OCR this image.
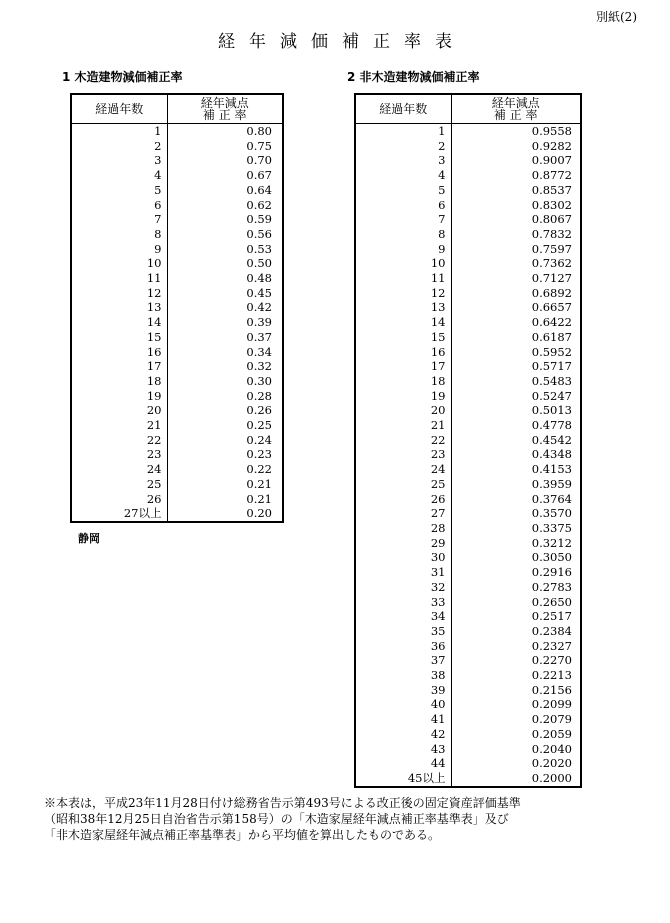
別紙(2)
経年減価補正率表
1 木造建物減価補正率	2 非木造建物減価補正率
経過年数	経年減点
補 正 率

1	0.80
2	0.75
3	0.70
4	0.67
5	0.64
6	0.62
7	0.59
8	0.56
9	0.53
10	0.50
11	0.48
12	0.45
13	0.42
14	0.39
15	0.37
16	0.34
17	0.32
18	0.30
19	0.28
20	0.26
21	0.25
22	0.24
23	0.23
24	0.22
25	0.21
26	0.21
27以上	0.20
経過年数	経年減点
補 正 率

1	0.9558
2	0.9282
3	0.9007
4	0.8772
5	0.8537
6	0.8302
7	0.8067
8	0.7832
9	0.7597
10	0.7362
11	0.7127
12	0.6892
13	0.6657
14	0.6422
15	0.6187
16	0.5952
17	0.5717
18	0.5483
19	0.5247
20	0.5013
21	0.4778
22	0.4542
23	0.4348
24	0.4153
25	0.3959
26	0.3764
27	0.3570
28	0.3375
29	0.3212
30	0.3050
31	0.2916
32	0.2783
33	0.2650
34	0.2517
35	0.2384
36	0.2327
37	0.2270
38	0.2213
39	0.2156
40	0.2099
41	0.2079
42	0.2059
43	0.2040
44	0.2020
45以上	0.2000
静岡
※本表は，平成23年11月28日付け総務省告示第493号による改正後の固定資産評価基準
（昭和38年12月25日自治省告示第158号）の「木造家屋経年減点補正率基準表」及び
「非木造家屋経年減点補正率基準表」から平均値を算出したものである。
